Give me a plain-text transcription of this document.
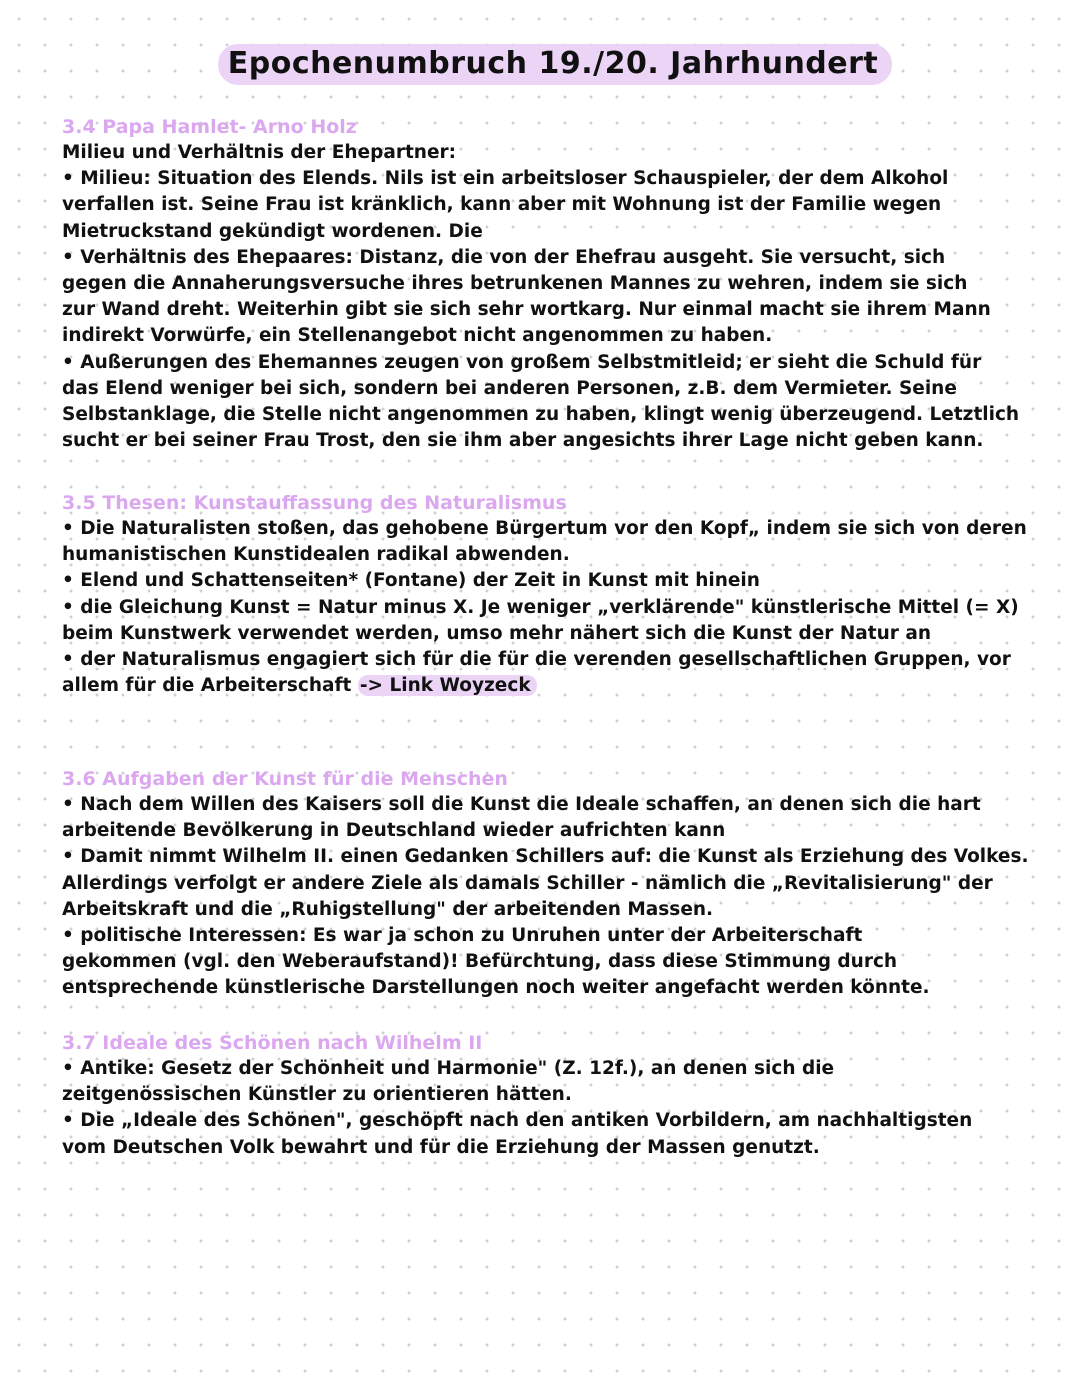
Epochenumbruch 19./20. Jahrhundert
3.4 Papa Hamlet- Arno Holz
Milieu und Verhältnis der Ehepartner:
• Milieu: Situation des Elends. Nils ist ein arbeitsloser Schauspieler, der dem Alkohol
verfallen ist. Seine Frau ist kränklich, kann aber mit Wohnung ist der Familie wegen
Mietruckstand gekündigt wordenen. Die
• Verhältnis des Ehepaares: Distanz, die von der Ehefrau ausgeht. Sie versucht, sich
gegen die Annaherungsversuche ihres betrunkenen Mannes zu wehren, indem sie sich
zur Wand dreht. Weiterhin gibt sie sich sehr wortkarg. Nur einmal macht sie ihrem Mann
indirekt Vorwürfe, ein Stellenangebot nicht angenommen zu haben.
• Außerungen des Ehemannes zeugen von großem Selbstmitleid; er sieht die Schuld für
das Elend weniger bei sich, sondern bei anderen Personen, z.B. dem Vermieter. Seine
Selbstanklage, die Stelle nicht angenommen zu haben, klingt wenig überzeugend. Letztlich
sucht er bei seiner Frau Trost, den sie ihm aber angesichts ihrer Lage nicht geben kann.
3.5 Thesen: Kunstauffassung des Naturalismus
• Die Naturalisten stoßen, das gehobene Bürgertum vor den Kopf„ indem sie sich von deren
humanistischen Kunstidealen radikal abwenden.
• Elend und Schattenseiten* (Fontane) der Zeit in Kunst mit hinein
• die Gleichung Kunst = Natur minus X. Je weniger „verklärende" künstlerische Mittel (= X)
beim Kunstwerk verwendet werden, umso mehr nähert sich die Kunst der Natur an
• der Naturalismus engagiert sich für die für die verenden gesellschaftlichen Gruppen, vor
allem für die Arbeiterschaft -> Link Woyzeck
3.6 Aufgaben der Kunst für die Menschen
• Nach dem Willen des Kaisers soll die Kunst die Ideale schaffen, an denen sich die hart
arbeitende Bevölkerung in Deutschland wieder aufrichten kann
• Damit nimmt Wilhelm II. einen Gedanken Schillers auf: die Kunst als Erziehung des Volkes.
Allerdings verfolgt er andere Ziele als damals Schiller - nämlich die „Revitalisierung" der
Arbeitskraft und die „Ruhigstellung" der arbeitenden Massen.
• politische Interessen: Es war ja schon zu Unruhen unter der Arbeiterschaft
gekommen (vgl. den Weberaufstand)! Befürchtung, dass diese Stimmung durch
entsprechende künstlerische Darstellungen noch weiter angefacht werden könnte.
3.7 Ideale des Schönen nach Wilhelm II
• Antike: Gesetz der Schönheit und Harmonie" (Z. 12f.), an denen sich die
zeitgenössischen Künstler zu orientieren hätten.
• Die „Ideale des Schönen", geschöpft nach den antiken Vorbildern, am nachhaltigsten
vom Deutschen Volk bewahrt und für die Erziehung der Massen genutzt.
